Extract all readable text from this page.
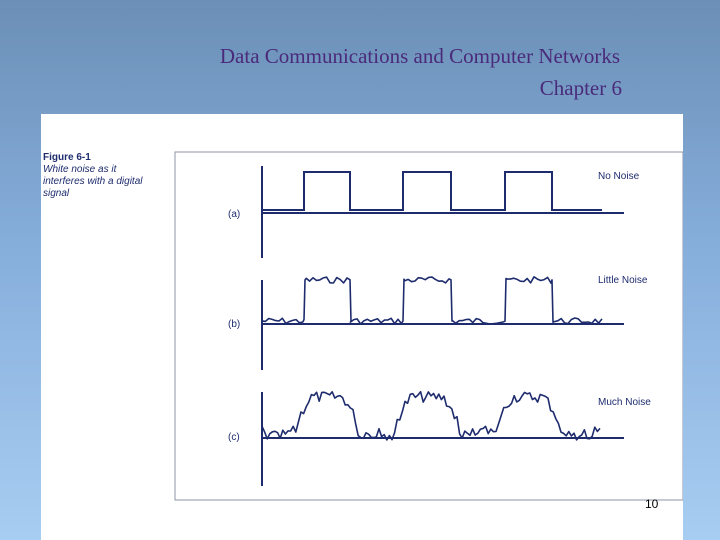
Data Communications and Computer Networks
Chapter 6
Figure 6-1
White noise as it interferes with a digital signal
(a)
No Noise
(b)
Little Noise
(c)
Much Noise
10
